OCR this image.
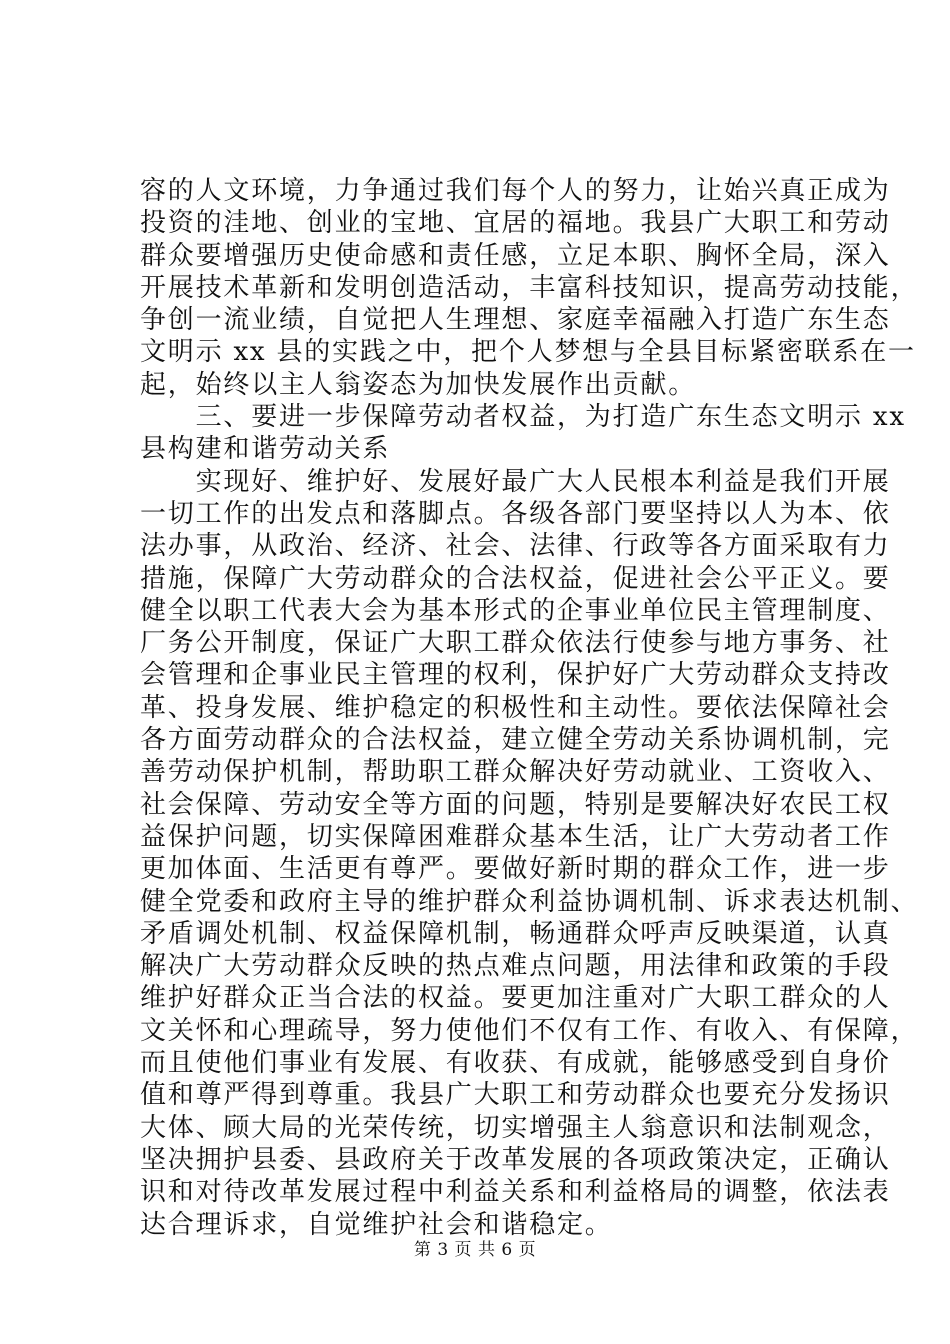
容的人文环境，力争通过我们每个人的努力，让始兴真正成为
投资的洼地、创业的宝地、宜居的福地。我县广大职工和劳动
群众要增强历史使命感和责任感，立足本职、胸怀全局，深入
开展技术革新和发明创造活动，丰富科技知识，提高劳动技能，
争创一流业绩，自觉把人生理想、家庭幸福融入打造广东生态
文明示 xx 县的实践之中，把个人梦想与全县目标紧密联系在一
起，始终以主人翁姿态为加快发展作出贡献。
　　三、要进一步保障劳动者权益，为打造广东生态文明示 xx
县构建和谐劳动关系
　　实现好、维护好、发展好最广大人民根本利益是我们开展
一切工作的出发点和落脚点。各级各部门要坚持以人为本、依
法办事，从政治、经济、社会、法律、行政等各方面采取有力
措施，保障广大劳动群众的合法权益，促进社会公平正义。要
健全以职工代表大会为基本形式的企事业单位民主管理制度、
厂务公开制度，保证广大职工群众依法行使参与地方事务、社
会管理和企事业民主管理的权利，保护好广大劳动群众支持改
革、投身发展、维护稳定的积极性和主动性。要依法保障社会
各方面劳动群众的合法权益，建立健全劳动关系协调机制，完
善劳动保护机制，帮助职工群众解决好劳动就业、工资收入、
社会保障、劳动安全等方面的问题，特别是要解决好农民工权
益保护问题，切实保障困难群众基本生活，让广大劳动者工作
更加体面、生活更有尊严。要做好新时期的群众工作，进一步
健全党委和政府主导的维护群众利益协调机制、诉求表达机制、
矛盾调处机制、权益保障机制，畅通群众呼声反映渠道，认真
解决广大劳动群众反映的热点难点问题，用法律和政策的手段
维护好群众正当合法的权益。要更加注重对广大职工群众的人
文关怀和心理疏导，努力使他们不仅有工作、有收入、有保障，
而且使他们事业有发展、有收获、有成就，能够感受到自身价
值和尊严得到尊重。我县广大职工和劳动群众也要充分发扬识
大体、顾大局的光荣传统，切实增强主人翁意识和法制观念，
坚决拥护县委、县政府关于改革发展的各项政策决定，正确认
识和对待改革发展过程中利益关系和利益格局的调整，依法表
达合理诉求，自觉维护社会和谐稳定。
第 3 页 共 6 页
